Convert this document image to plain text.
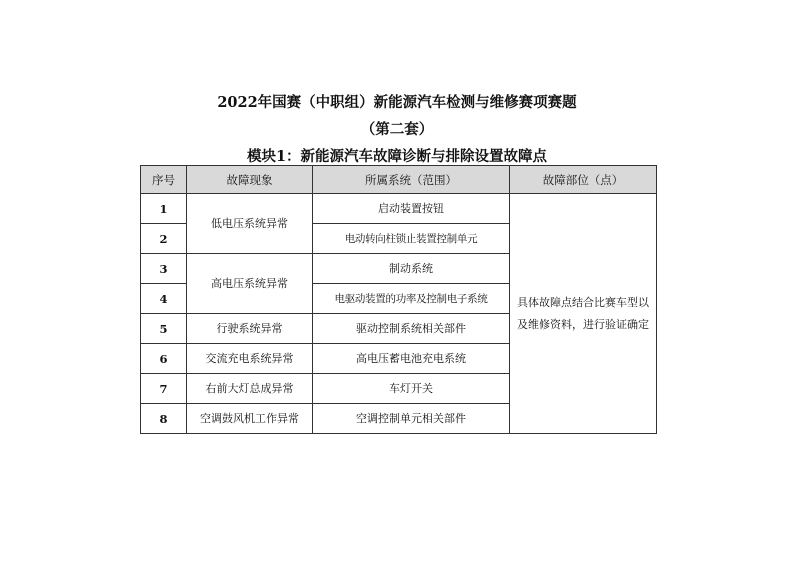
2022年国赛（中职组）新能源汽车检测与维修赛项赛题
（第二套）
模块1：新能源汽车故障诊断与排除设置故障点
序号	故障现象	所属系统（范围）	故障部位（点）
1	低电压系统异常	启动装置按钮	具体故障点结合比赛车型以及维修资料，进行验证确定
2		电动转向柱锁止装置控制单元	
3	高电压系统异常	制动系统	
4		电驱动装置的功率及控制电子系统	
5	行驶系统异常	驱动控制系统相关部件	
6	交流充电系统异常	高电压蓄电池充电系统	
7	右前大灯总成异常	车灯开关	
8	空调鼓风机工作异常	空调控制单元相关部件	
